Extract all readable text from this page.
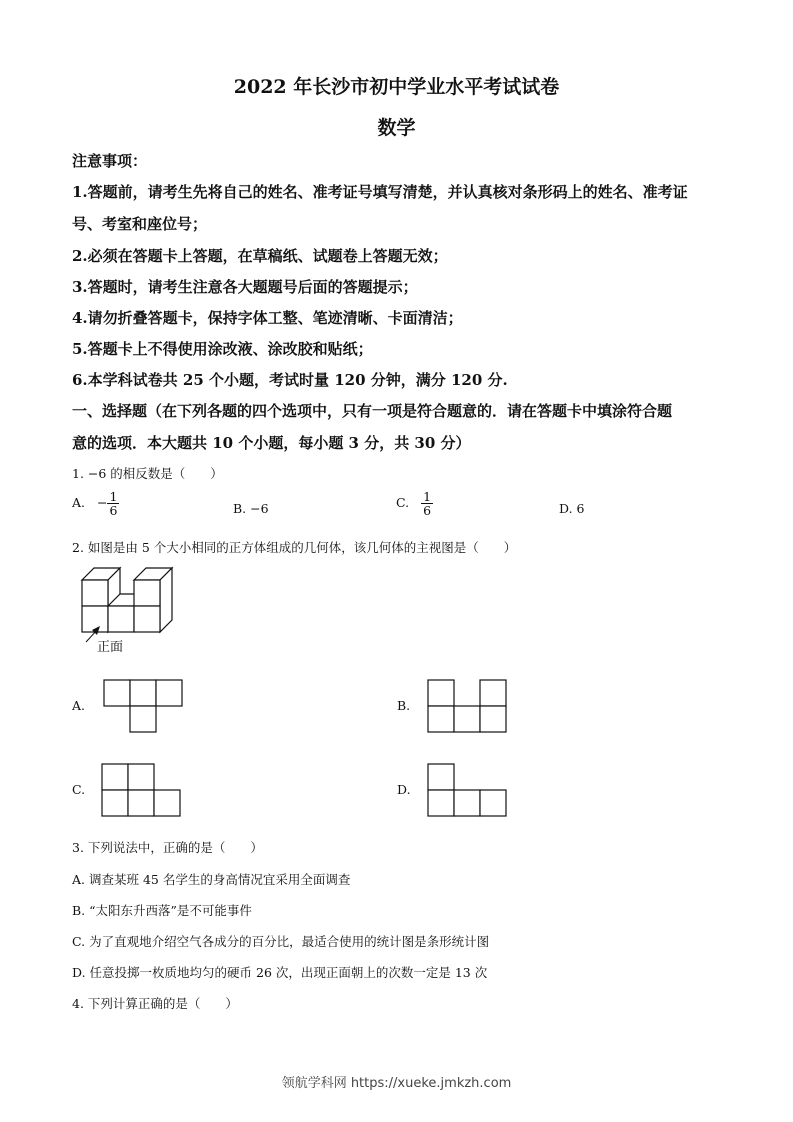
2022 年长沙市初中学业水平考试试卷
数学
注意事项：
1.答题前，请考生先将自己的姓名、准考证号填写清楚，并认真核对条形码上的姓名、准考证
号、考室和座位号；
2.必须在答题卡上答题，在草稿纸、试题卷上答题无效；
3.答题时，请考生注意各大题题号后面的答题提示；
4.请勿折叠答题卡，保持字体工整、笔迹清晰、卡面清洁；
5.答题卡上不得使用涂改液、涂改胶和贴纸；
6.本学科试卷共 25 个小题，考试时量 120 分钟，满分 120 分.
一、选择题（在下列各题的四个选项中，只有一项是符合题意的．请在答题卡中填涂符合题
意的选项．本大题共 10 个小题，每小题 3 分，共 30 分）
1. −6 的相反数是（　　）
A. − $\frac{1}{6}$	B. −6	C. $\frac{1}{6}$	D. 6
2. 如图是由 5 个大小相同的正方体组成的几何体，该几何体的主视图是（　　）
正面
A.	B.
C.	D.
3. 下列说法中，正确的是（　　）
A. 调查某班 45 名学生的身高情况宜采用全面调查
B. “太阳东升西落”是不可能事件
C. 为了直观地介绍空气各成分的百分比，最适合使用的统计图是条形统计图
D. 任意投掷一枚质地均匀的硬币 26 次，出现正面朝上的次数一定是 13 次
4. 下列计算正确的是（　　）
领航学科网 https://xueke.jmkzh.com
